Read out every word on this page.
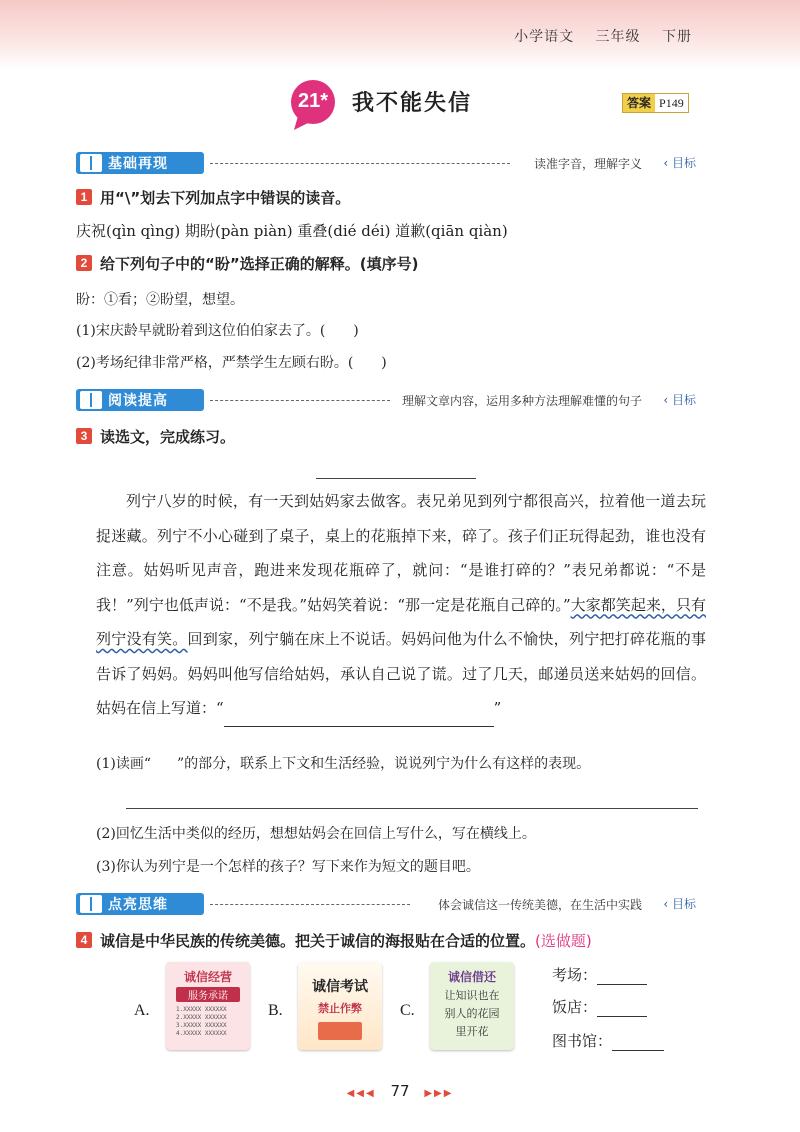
小学语文 三年级 下册
21*	我不能失信	答案 P149
基础再现	读准字音，理解字义 ‹ 目标
1 用“\”划去下列加点字中错误的读音。
庆祝(qìn qìng) 期盼(pàn piàn) 重叠(dié déi) 道歉(qiān qiàn)
2 给下列句子中的“盼”选择正确的解释。(填序号)
盼：①看；②盼望，想望。
(1)宋庆龄早就盼着到这位伯伯家去了。(　　)
(2)考场纪律非常严格，严禁学生左顾右盼。(　　)
阅读提高	理解文章内容，运用多种方法理解难懂的句子 ‹ 目标
3 读选文，完成练习。

列宁八岁的时候，有一天到姑妈家去做客。表兄弟见到列宁都很高兴，拉着他一道去玩捉迷藏。列宁不小心碰到了桌子，桌上的花瓶掉下来，碎了。孩子们正玩得起劲，谁也没有注意。姑妈听见声音，跑进来发现花瓶碎了，就问：“是谁打碎的？”表兄弟都说：“不是我！”列宁也低声说：“不是我。”姑妈笑着说：“那一定是花瓶自己碎的。”大家都笑起来，只有列宁没有笑。回到家，列宁躺在床上不说话。妈妈问他为什么不愉快，列宁把打碎花瓶的事告诉了妈妈。妈妈叫他写信给姑妈，承认自己说了谎。过了几天，邮递员送来姑妈的回信。姑妈在信上写道：“	”

(1)读画“ ”的部分，联系上下文和生活经验，说说列宁为什么有这样的表现。
(2)回忆生活中类似的经历，想想姑妈会在回信上写什么，写在横线上。
(3)你认为列宁是一个怎样的孩子？写下来作为短文的题目吧。
点亮思维	体会诚信这一传统美德，在生活中实践 ‹ 目标
4 诚信是中华民族的传统美德。把关于诚信的海报贴在合适的位置。(选做题)
A.
诚信经营
服务承诺
1.XXXXX XXXXXX
2.XXXXX XXXXXX
3.XXXXX XXXXXX
4.XXXXX XXXXXX
B.
诚信考试
禁止作弊	C.
诚信借还
让知识也在
别人的花园
里开花
考场：
饭店：
图书馆：
◀◀◀ 77 ▶▶▶
